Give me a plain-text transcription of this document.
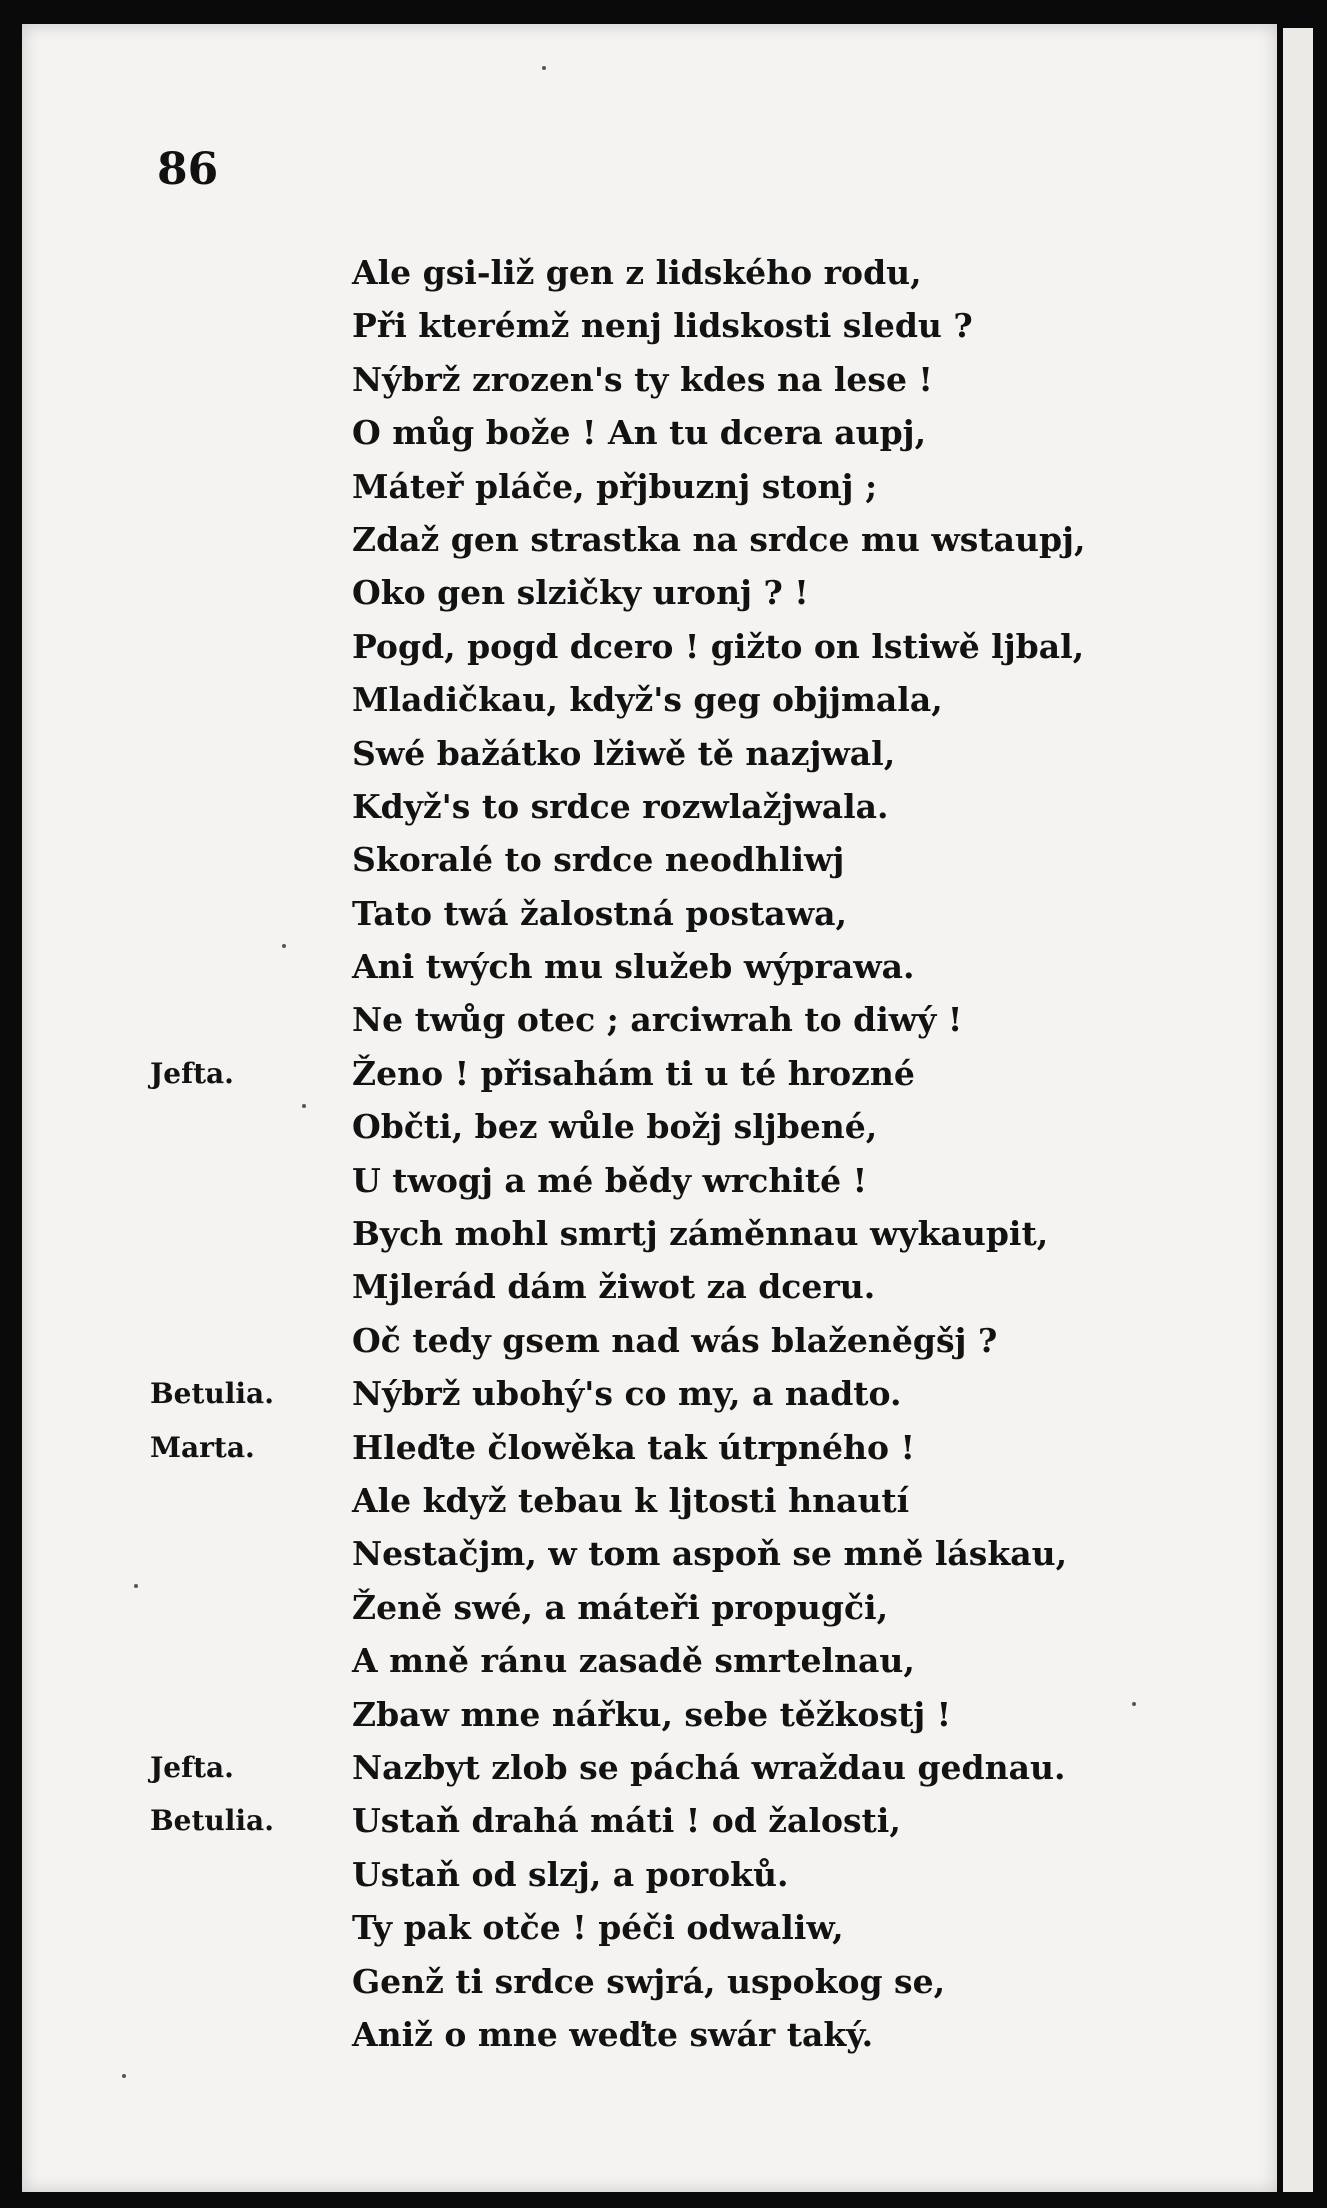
86
Ale gsi-liž gen z lidského rodu,
Při kterémž nenj lidskosti sledu ?
Nýbrž zrozen's ty kdes na lese !
O můg bože ! An tu dcera aupj,
Máteř pláče, přjbuznj stonj ;
Zdaž gen strastka na srdce mu wstaupj,
Oko gen slzičky uronj ? !
Pogd, pogd dcero ! gižto on lstiwě ljbal,
Mladičkau, když's geg objjmala,
Swé bažátko lžiwě tě nazjwal,
Když's to srdce rozwlažjwala.
Skoralé to srdce neodhliwj
Tato twá žalostná postawa,
Ani twých mu služeb wýprawa.
Ne twůg otec ; arciwrah to diwý !
Jefta.	Ženo ! přisahám ti u té hrozné
Občti, bez wůle božj sljbené,
U twogj a mé bědy wrchité !
Bych mohl smrtj záměnnau wykaupit,
Mjlerád dám žiwot za dceru.
Oč tedy gsem nad wás blaženěgšj ?
Betulia. Nýbrž ubohý's co my, a nadto.
Marta.	Hleďte člowěka tak útrpného !
Ale když tebau k ljtosti hnautí
Nestačjm, w tom aspoň se mně láskau,
Ženě swé, a máteři propugči,
A mně ránu zasadě smrtelnau,
Zbaw mne nářku, sebe těžkostj !
Jefta.	Nazbyt zlob se páchá wraždau gednau.
Betulia. Ustaň drahá máti ! od žalosti,
Ustaň od slzj, a poroků.
Ty pak otče ! péči odwaliw,
Genž ti srdce swjrá, uspokog se,
Aniž o mne weďte swár taký.
